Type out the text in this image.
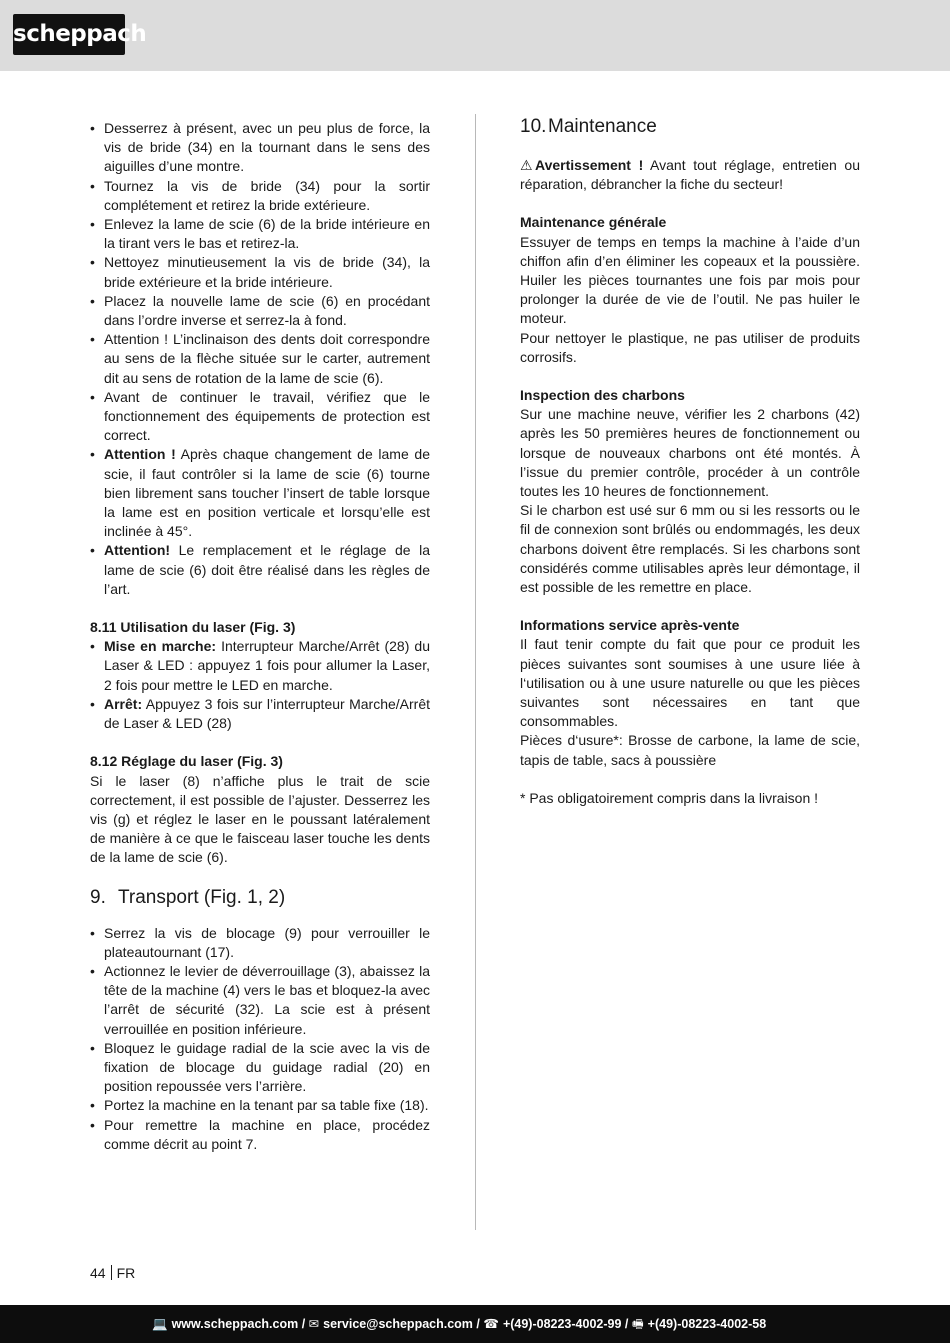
scheppach
• Desserrez à présent, avec un peu plus de force, la vis de bride (34) en la tournant dans le sens des aiguilles d’une montre.
• Tournez la vis de bride (34) pour la sortir complétement et retirez la bride extérieure.
• Enlevez la lame de scie (6) de la bride intérieure en la tirant vers le bas et retirez-la.
• Nettoyez minutieusement la vis de bride (34), la bride extérieure et la bride intérieure.
• Placez la nouvelle lame de scie (6) en procédant dans l’ordre inverse et serrez-la à fond.
• Attention ! L’inclinaison des dents doit correspondre au sens de la flèche située sur le carter, autrement dit au sens de rotation de la lame de scie (6).
• Avant de continuer le travail, vérifiez que le fonctionnement des équipements de protection est correct.
• Attention ! Après chaque changement de lame de scie, il faut contrôler si la lame de scie (6) tourne bien librement sans toucher l’insert de table lorsque la lame est en position verticale et lorsqu’elle est inclinée à 45°.
• Attention! Le remplacement et le réglage de la lame de scie (6) doit être réalisé dans les règles de l’art.

8.11 Utilisation du laser (Fig. 3)

• Mise en marche: Interrupteur Marche/Arrêt (28) du Laser & LED : appuyez 1 fois pour allumer la Laser, 2 fois pour mettre le LED en marche.
• Arrêt: Appuyez 3 fois sur l’interrupteur Marche/Arrêt de Laser & LED (28)

8.12 Réglage du laser (Fig. 3)

Si le laser (8) n’affiche plus le trait de scie correctement, il est possible de l’ajuster. Desserrez les vis (g) et réglez le laser en le poussant latéralement de manière à ce que le faisceau laser touche les dents de la lame de scie (6).

9. Transport (Fig. 1, 2)

• Serrez la vis de blocage (9) pour verrouiller le plateautournant (17).
• Actionnez le levier de déverrouillage (3), abaissez la tête de la machine (4) vers le bas et bloquez-la avec l’arrêt de sécurité (32). La scie est à présent verrouillée en position inférieure.
• Bloquez le guidage radial de la scie avec la vis de fixation de blocage du guidage radial (20) en position repoussée vers l’arrière.
• Portez la machine en la tenant par sa table fixe (18).
• Pour remettre la machine en place, procédez comme décrit au point 7.

10.Maintenance

⚠ Avertissement ! Avant tout réglage, entretien ou réparation, débrancher la fiche du secteur!

Maintenance générale

Essuyer de temps en temps la machine à l’aide d’un chiffon afin d’en éliminer les copeaux et la poussière. Huiler les pièces tournantes une fois par mois pour prolonger la durée de vie de l’outil. Ne pas huiler le moteur.

Pour nettoyer le plastique, ne pas utiliser de produits corrosifs.

Inspection des charbons

Sur une machine neuve, vérifier les 2 charbons (42) après les 50 premières heures de fonctionnement ou lorsque de nouveaux charbons ont été montés. À l’issue du premier contrôle, procéder à un contrôle toutes les 10 heures de fonctionnement.

Si le charbon est usé sur 6 mm ou si les ressorts ou le fil de connexion sont brûlés ou endommagés, les deux charbons doivent être remplacés. Si les charbons sont considérés comme utilisables après leur démontage, il est possible de les remettre en place.

Informations service après-vente

Il faut tenir compte du fait que pour ce produit les pièces suivantes sont soumises à une usure liée à l‘utilisation ou à une usure naturelle ou que les pièces suivantes sont nécessaires en tant que consommables.

Pièces d‘usure*: Brosse de carbone, la lame de scie, tapis de table, sacs à poussière

* Pas obligatoirement compris dans la livraison !

44 FR
💻 www.scheppach.com / ✉ service@scheppach.com / ☎ +(49)-08223-4002-99 / 🖷 +(49)-08223-4002-58
